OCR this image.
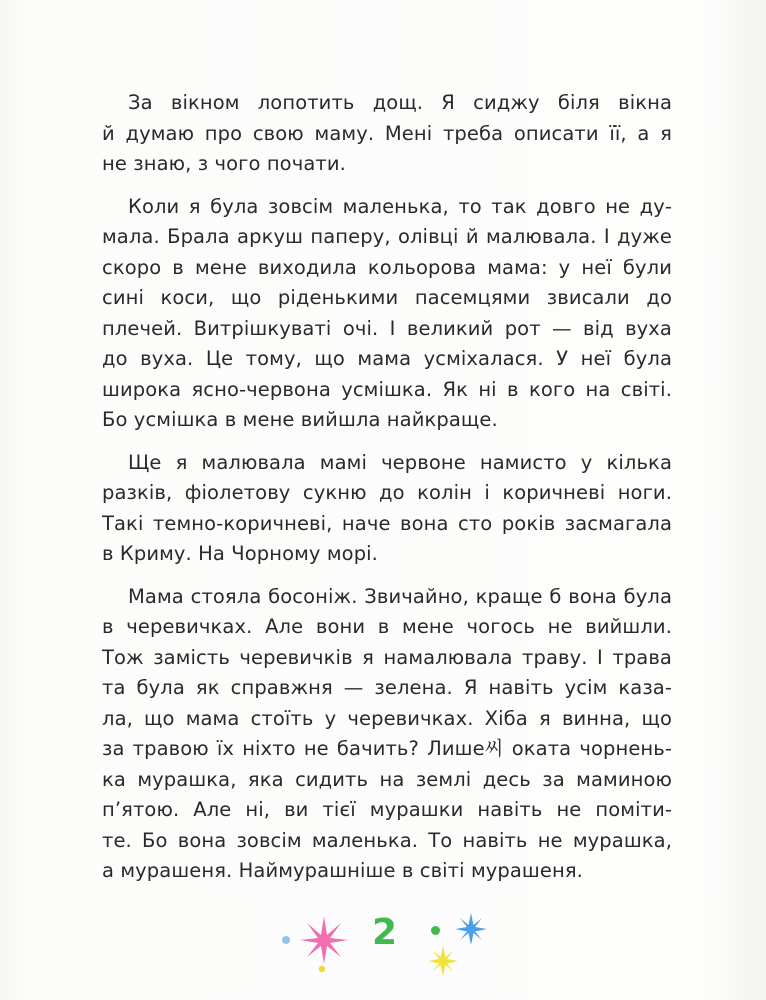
За вікном лопотить дощ. Я сиджу біля вікна
й думаю про свою маму. Мені треба описати її, а я
не знаю, з чого почати.

Коли я була зовсім маленька, то так довго не ду-
мала. Брала аркуш паперу, олівці й малювала. І дуже
скоро в мене виходила кольорова мама: у неї були
сині коси, що ріденькими пасемцями звисали до
плечей. Витрішкуваті очі. І великий рот — від вуха
до вуха. Це тому, що мама усміхалася. У неї була
широка ясно-червона усмішка. Як ні в кого на світі.
Бо усмішка в мене вийшла найкраще.

Ще я малювала мамі червоне намисто у кілька
разків, фіолетову сукню до колін і коричневі ноги.
Такі темно-коричневі, наче вона сто років засмагала
в Криму. На Чорному морі.

Мама стояла босоніж. Звичайно, краще б вона була
в черевичках. Але вони в мене чогось не вийшли.
Тож замість черевичків я намалювала траву. І трава
та була як справжня — зелена. Я навіть усім каза-
ла, що мама стоїть у черевичках. Хіба я винна, що
за травою їх ніхто не бачить? Лише씨 оката чорнень-
ка мурашка, яка сидить на землі десь за маминою
п’ятою. Але ні, ви тієї мурашки навіть не поміти-
те. Бо вона зовсім маленька. То навіть не мурашка,
а мурашеня. Наймурашніше в світі мурашеня.

2
